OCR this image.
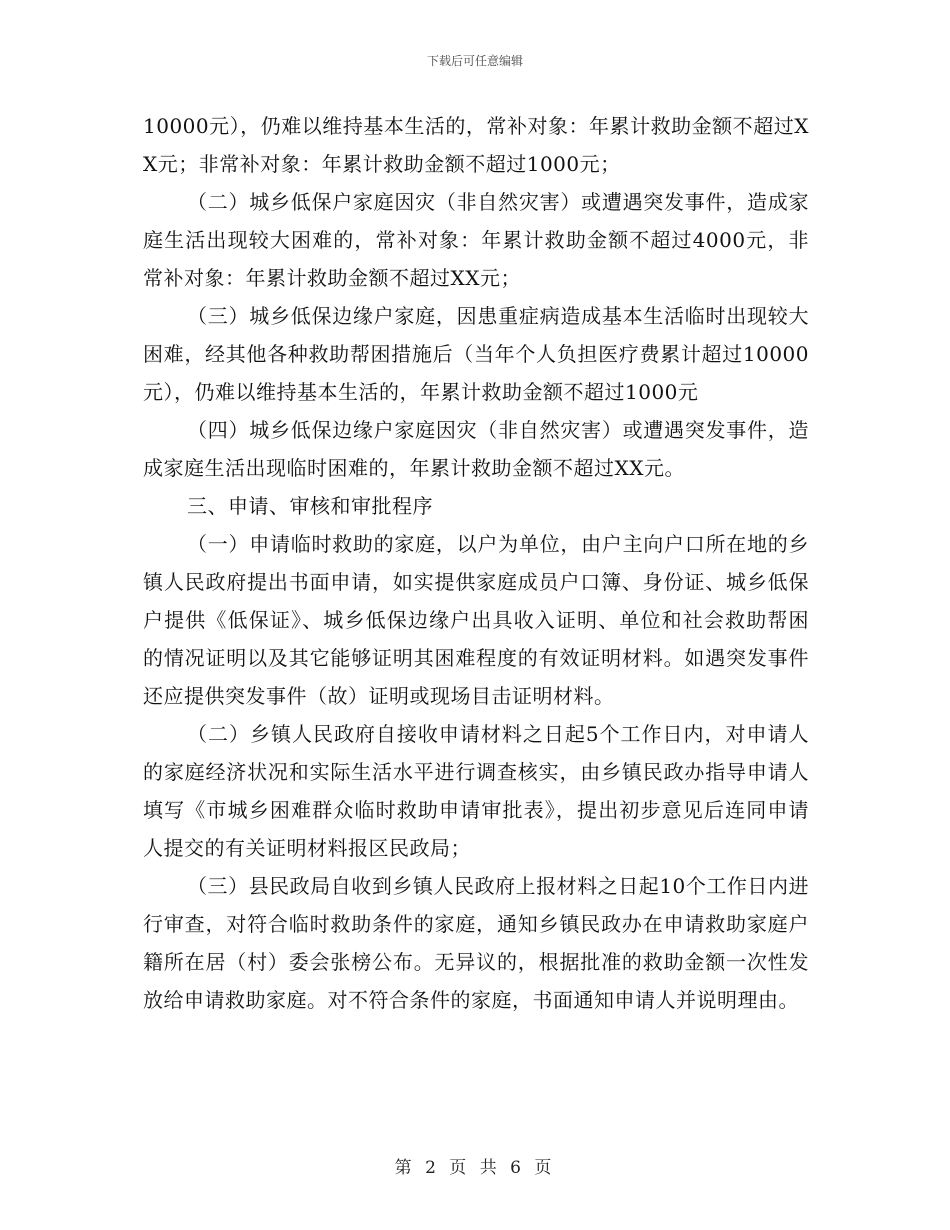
下载后可任意编辑

10000元），仍难以维持基本生活的，常补对象：年累计救助金额不超过XX元；非常补对象：年累计救助金额不超过1000元；

（二）城乡低保户家庭因灾（非自然灾害）或遭遇突发事件，造成家庭生活出现较大困难的，常补对象：年累计救助金额不超过4000元，非常补对象：年累计救助金额不超过XX元；

（三）城乡低保边缘户家庭，因患重症病造成基本生活临时出现较大困难，经其他各种救助帮困措施后（当年个人负担医疗费累计超过10000元），仍难以维持基本生活的，年累计救助金额不超过1000元

（四）城乡低保边缘户家庭因灾（非自然灾害）或遭遇突发事件，造成家庭生活出现临时困难的，年累计救助金额不超过XX元。

三、申请、审核和审批程序

（一）申请临时救助的家庭，以户为单位，由户主向户口所在地的乡镇人民政府提出书面申请，如实提供家庭成员户口簿、身份证、城乡低保户提供《低保证》、城乡低保边缘户出具收入证明、单位和社会救助帮困的情况证明以及其它能够证明其困难程度的有效证明材料。如遇突发事件还应提供突发事件（故）证明或现场目击证明材料。

（二）乡镇人民政府自接收申请材料之日起5个工作日内，对申请人的家庭经济状况和实际生活水平进行调查核实，由乡镇民政办指导申请人填写《市城乡困难群众临时救助申请审批表》，提出初步意见后连同申请人提交的有关证明材料报区民政局；

（三）县民政局自收到乡镇人民政府上报材料之日起10个工作日内进行审查，对符合临时救助条件的家庭，通知乡镇民政办在申请救助家庭户籍所在居（村）委会张榜公布。无异议的，根据批准的救助金额一次性发放给申请救助家庭。对不符合条件的家庭，书面通知申请人并说明理由。

第 2 页 共 6 页
